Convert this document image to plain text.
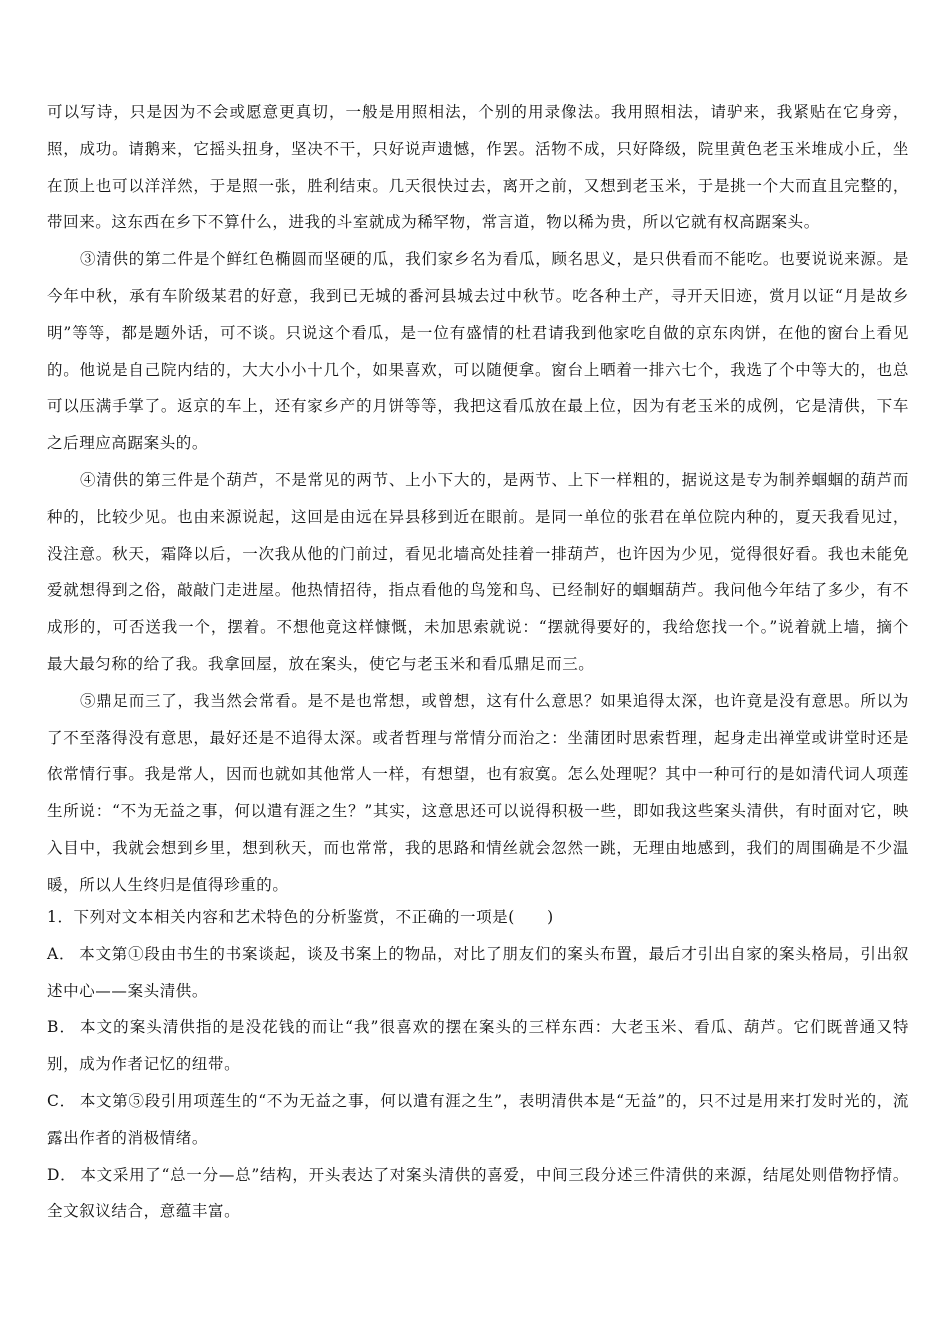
可以写诗，只是因为不会或愿意更真切，一般是用照相法，个别的用录像法。我用照相法，请驴来，我紧贴在它身旁，照，成功。请鹅来，它摇头扭身，坚决不干，只好说声遗憾，作罢。活物不成，只好降级，院里黄色老玉米堆成小丘，坐在顶上也可以洋洋然，于是照一张，胜利结束。几天很快过去，离开之前，又想到老玉米，于是挑一个大而直且完整的，带回来。这东西在乡下不算什么，进我的斗室就成为稀罕物，常言道，物以稀为贵，所以它就有权高踞案头。

③清供的第二件是个鲜红色椭圆而坚硬的瓜，我们家乡名为看瓜，顾名思义，是只供看而不能吃。也要说说来源。是今年中秋，承有车阶级某君的好意，我到已无城的番河县城去过中秋节。吃各种土产，寻开天旧迹，赏月以证“月是故乡明”等等，都是题外话，可不谈。只说这个看瓜，是一位有盛情的杜君请我到他家吃自做的京东肉饼，在他的窗台上看见的。他说是自己院内结的，大大小小十几个，如果喜欢，可以随便拿。窗台上晒着一排六七个，我选了个中等大的，也总可以压满手掌了。返京的车上，还有家乡产的月饼等等，我把这看瓜放在最上位，因为有老玉米的成例，它是清供，下车之后理应高踞案头的。

④清供的第三件是个葫芦，不是常见的两节、上小下大的，是两节、上下一样粗的，据说这是专为制养蝈蝈的葫芦而种的，比较少见。也由来源说起，这回是由远在异县移到近在眼前。是同一单位的张君在单位院内种的，夏天我看见过，没注意。秋天，霜降以后，一次我从他的门前过，看见北墙高处挂着一排葫芦，也许因为少见，觉得很好看。我也未能免爱就想得到之俗，敲敲门走进屋。他热情招待，指点看他的鸟笼和鸟、已经制好的蝈蝈葫芦。我问他今年结了多少，有不成形的，可否送我一个，摆着。不想他竟这样慷慨，未加思索就说：“摆就得要好的，我给您找一个。”说着就上墙，摘个最大最匀称的给了我。我拿回屋，放在案头，使它与老玉米和看瓜鼎足而三。

⑤鼎足而三了，我当然会常看。是不是也常想，或曾想，这有什么意思？如果追得太深，也许竟是没有意思。所以为了不至落得没有意思，最好还是不追得太深。或者哲理与常情分而治之：坐蒲团时思索哲理，起身走出禅堂或讲堂时还是依常情行事。我是常人，因而也就如其他常人一样，有想望，也有寂寞。怎么处理呢？其中一种可行的是如清代词人项莲生所说：“不为无益之事，何以遣有涯之生？”其实，这意思还可以说得积极一些，即如我这些案头清供，有时面对它，映入目中，我就会想到乡里，想到秋天，而也常常，我的思路和情丝就会忽然一跳，无理由地感到，我们的周围确是不少温暖，所以人生终归是值得珍重的。

1．下列对文本相关内容和艺术特色的分析鉴赏，不正确的一项是(　　)

A． 本文第①段由书生的书案谈起，谈及书案上的物品，对比了朋友们的案头布置，最后才引出自家的案头格局，引出叙述中心——案头清供。

B． 本文的案头清供指的是没花钱的而让“我”很喜欢的摆在案头的三样东西：大老玉米、看瓜、葫芦。它们既普通又特别，成为作者记忆的纽带。

C． 本文第⑤段引用项莲生的“不为无益之事，何以遣有涯之生”，表明清供本是“无益”的，只不过是用来打发时光的，流露出作者的消极情绪。

D． 本文采用了“总一分—总”结构，开头表达了对案头清供的喜爱，中间三段分述三件清供的来源，结尾处则借物抒情。全文叙议结合，意蕴丰富。
